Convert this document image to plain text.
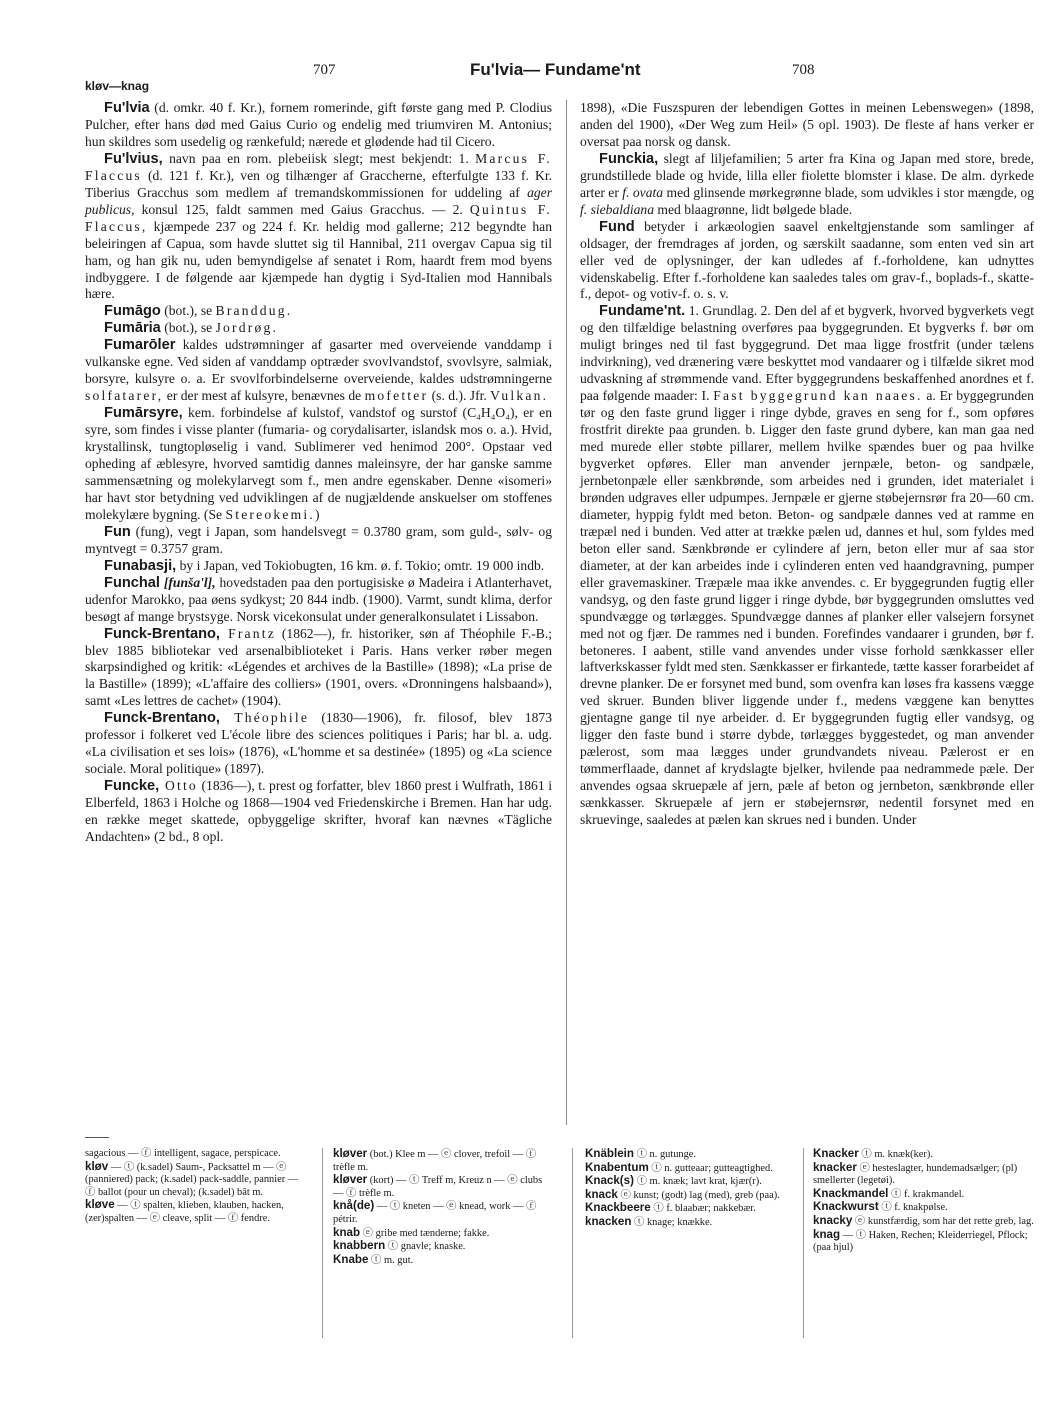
707	Fu'lvia— Fundame'nt	708
kløv—knag

Fu'lvia (d. omkr. 40 f. Kr.), fornem romerinde, gift første gang med P. Clodius Pulcher, efter hans død med Gaius Curio og endelig med triumviren M. Antonius; hun skildres som usedelig og rænkefuld; nærede et glødende had til Cicero.

Fu'lvius, navn paa en rom. plebeiisk slegt; mest bekjendt: 1. Marcus F. Flaccus (d. 121 f. Kr.), ven og tilhænger af Graccherne, efterfulgte 133 f. Kr. Tiberius Gracchus som medlem af tremandskommissionen for uddeling af ager publicus, konsul 125, faldt sammen med Gaius Gracchus. — 2. Quintus F. Flaccus, kjæmpede 237 og 224 f. Kr. heldig mod gallerne; 212 begyndte han beleiringen af Capua, som havde sluttet sig til Hannibal, 211 overgav Capua sig til ham, og han gik nu, uden bemyndigelse af senatet i Rom, haardt frem mod byens indbyggere. I de følgende aar kjæmpede han dygtig i Syd-Italien mod Hannibals hære.

Fumāgo (bot.), se Branddug.

Fumāria (bot.), se Jordrøg.

Fumarōler kaldes udstrømninger af gasarter med overveiende vanddamp i vulkanske egne. Ved siden af vanddamp optræder svovlvandstof, svovlsyre, salmiak, borsyre, kulsyre o. a. Er svovlforbindelserne overveiende, kaldes udstrømningerne solfatarer, er der mest af kulsyre, benævnes de mofetter (s. d.). Jfr. Vulkan.

Fumārsyre, kem. forbindelse af kulstof, vandstof og surstof (C₄H₄O₄), er en syre, som findes i visse planter (fumaria- og corydalisarter, islandsk mos o. a.). Hvid, krystallinsk, tungtopløselig i vand. Sublimerer ved henimod 200°. Opstaar ved opheding af æblesyre, hvorved samtidig dannes maleinsyre, der har ganske samme sammensætning og molekylarvegt som f., men andre egenskaber. Denne «isomeri» har havt stor betydning ved udviklingen af de nugjældende anskuelser om stoffenes molekylære bygning. (Se Stereokemi.)

Fun (fung), vegt i Japan, som handelsvegt = 0.3780 gram, som guld-, sølv- og myntvegt = 0.3757 gram.

Funabasji, by i Japan, ved Tokiobugten, 16 km. ø. f. Tokio; omtr. 19 000 indb.

Funchal [funša'l], hovedstaden paa den portugisiske ø Madeira i Atlanterhavet, udenfor Marokko, paa øens sydkyst; 20 844 indb. (1900). Varmt, sundt klima, derfor besøgt af mange brystsyge. Norsk vicekonsulat under generalkonsulatet i Lissabon.

Funck-Brentano, Frantz (1862—), fr. historiker, søn af Théophile F.-B.; blev 1885 bibliotekar ved arsenalbiblioteket i Paris. Hans verker røber megen skarpsindighed og kritik: «Légendes et archives de la Bastille» (1898); «La prise de la Bastille» (1899); «L'affaire des colliers» (1901, overs. «Dronningens halsbaand»), samt «Les lettres de cachet» (1904).

Funck-Brentano, Théophile (1830—1906), fr. filosof, blev 1873 professor i folkeret ved L'école libre des sciences politiques i Paris; har bl. a. udg. «La civilisation et ses lois» (1876), «L'homme et sa destinée» (1895) og «La science sociale. Moral politique» (1897).

Funcke, Otto (1836—), t. prest og forfatter, blev 1860 prest i Wulfrath, 1861 i Elberfeld, 1863 i Holche og 1868—1904 ved Friedenskirche i Bremen. Han har udg. en række meget skattede, opbyggelige skrifter, hvoraf kan nævnes «Tägliche Andachten» (2 bd., 8 opl.

1898), «Die Fuszspuren der lebendigen Gottes in meinen Lebenswegen» (1898, anden del 1900), «Der Weg zum Heil» (5 opl. 1903). De fleste af hans verker er oversat paa norsk og dansk.

Funckia, slegt af liljefamilien; 5 arter fra Kina og Japan med store, brede, grundstillede blade og hvide, lilla eller fiolette blomster i klase. De alm. dyrkede arter er f. ovata med glinsende mørkegrønne blade, som udvikles i stor mængde, og f. siebaldiana med blaagrønne, lidt bølgede blade.

Fund betyder i arkæologien saavel enkeltgjenstande som samlinger af oldsager, der fremdrages af jorden, og særskilt saadanne, som enten ved sin art eller ved de oplysninger, der kan udledes af f.-forholdene, kan udnyttes videnskabelig. Efter f.-forholdene kan saaledes tales om grav-f., boplads-f., skatte-f., depot- og votiv-f. o. s. v.

Fundame'nt. 1. Grundlag. 2. Den del af et bygverk, hvorved bygverkets vegt og den tilfældige belastning overføres paa byggegrunden. Et bygverks f. bør om muligt bringes ned til fast byggegrund. Det maa ligge frostfrit (under tælens indvirkning), ved drænering være beskyttet mod vandaarer og i tilfælde sikret mod udvaskning af strømmende vand. Efter byggegrundens beskaffenhed anordnes et f. paa følgende maader: I. Fast byggegrund kan naaes. a. Er byggegrunden tør og den faste grund ligger i ringe dybde, graves en seng for f., som opføres frostfrit direkte paa grunden. b. Ligger den faste grund dybere, kan man gaa ned med murede eller støbte pillarer, mellem hvilke spændes buer og paa hvilke bygverket opføres. Eller man anvender jernpæle, beton- og sandpæle, jernbetonpæle eller sænkbrønde, som arbeides ned i grunden, idet materialet i brønden udgraves eller udpumpes. Jernpæle er gjerne støbejernsrør fra 20—60 cm. diameter, hyppig fyldt med beton. Beton- og sandpæle dannes ved at ramme en træpæl ned i bunden. Ved atter at trække pælen ud, dannes et hul, som fyldes med beton eller sand. Sænkbrønde er cylindere af jern, beton eller mur af saa stor diameter, at der kan arbeides inde i cylinderen enten ved haandgravning, pumper eller gravemaskiner. Træpæle maa ikke anvendes. c. Er byggegrunden fugtig eller vandsyg, og den faste grund ligger i ringe dybde, bør byggegrunden omsluttes ved spundvægge og tørlægges. Spundvægge dannes af planker eller valsejern forsynet med not og fjær. De rammes ned i bunden. Forefindes vandaarer i grunden, bør f. betoneres. I aabent, stille vand anvendes under visse forhold sænkkasser eller laftverkskasser fyldt med sten. Sænkkasser er firkantede, tætte kasser forarbeidet af drevne planker. De er forsynet med bund, som ovenfra kan løses fra kassens vægge ved skruer. Bunden bliver liggende under f., medens væggene kan benyttes gjentagne gange til nye arbeider. d. Er byggegrunden fugtig eller vandsyg, og ligger den faste bund i større dybde, tørlægges byggestedet, og man anvender pælerost, som maa lægges under grundvandets niveau. Pælerost er en tømmerflaade, dannet af krydslagte bjelker, hvilende paa nedrammede pæle. Der anvendes ogsaa skruepæle af jern, pæle af beton og jernbeton, sænkbrønde eller sænkkasser. Skruepæle af jern er støbejernsrør, nedentil forsynet med en skruevinge, saaledes at pælen kan skrues ned i bunden. Under

sagacious — ⓕ intelligent, sagace, perspicace.

kløv — ⓣ (k.sadel) Saum-, Packsattel m — ⓔ (panniered) pack; (k.sadel) pack-saddle, pannier — ⓕ ballot (pour un cheval); (k.sadel) bât m.

kløve — ⓣ spalten, klieben, klauben, hacken, (zer)spalten — ⓔ cleave, split — ⓕ fendre.

kløver (bot.) Klee m — ⓔ clover, trefoil — ⓕ trèfle m.

kløver (kort) — ⓣ Treff m, Kreuz n — ⓔ clubs — ⓕ trèfle m.

knå(de) — ⓣ kneten — ⓔ knead, work — ⓕ pétrir.

knab ⓔ gribe med tænderne; fakke.

knabbern ⓣ gnavle; knaske.

Knabe ⓣ m. gut.

Knäblein ⓣ n. gutunge.

Knabentum ⓣ n. gutteaar; gutteagtighed.

Knack(s) ⓣ m. knæk; lavt krat, kjær(r).

knack ⓔ kunst; (godt) lag (med), greb (paa).

Knackbeere ⓣ f. blaabær; nakkebær.

knacken ⓣ knage; knække.

Knacker ⓣ m. knæk(ker).

knacker ⓔ hesteslagter, hundemadsælger; (pl) smellerter (legetøi).

Knackmandel ⓣ f. krakmandel.

Knackwurst ⓣ f. knakpølse.

knacky ⓔ kunstfærdig, som har det rette greb, lag.

knag — ⓣ Haken, Rechen; Kleiderriegel, Pflock; (paa hjul)
